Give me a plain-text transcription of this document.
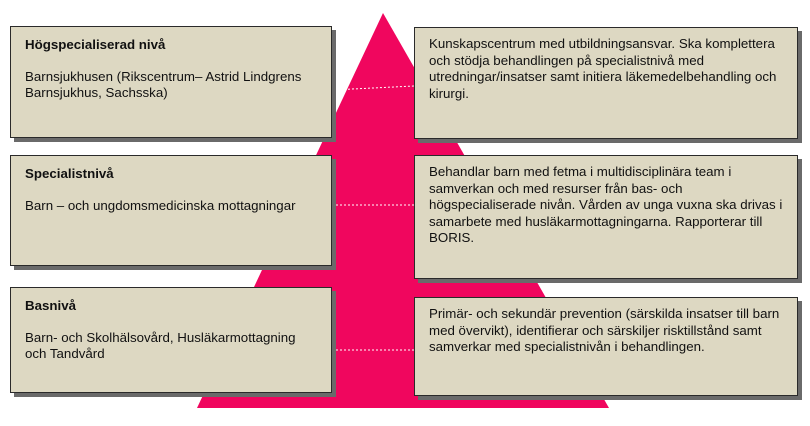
Högspecialiserad nivå
Barnsjukhusen (Rikscentrum– Astrid Lindgrens Barnsjukhus, Sachsska)
Specialistnivå
Barn – och ungdomsmedicinska mottagningar
Basnivå
Barn- och Skolhälsovård, Husläkarmottagning och Tandvård
Kunskapscentrum med utbildningsansvar. Ska komplettera och stödja behandlingen på specialistnivå med utredningar/insatser samt initiera läkemedelbehandling och kirurgi.
Behandlar barn med fetma i multidisciplinära team i samverkan och med resurser från bas- och högspecialiserade nivån. Vården av unga vuxna ska drivas i samarbete med husläkarmottagningarna. Rapporterar till BORIS.
Primär- och sekundär prevention (särskilda insatser till barn med övervikt), identifierar och särskiljer risktillstånd samt samverkar med specialistnivån i behandlingen.
